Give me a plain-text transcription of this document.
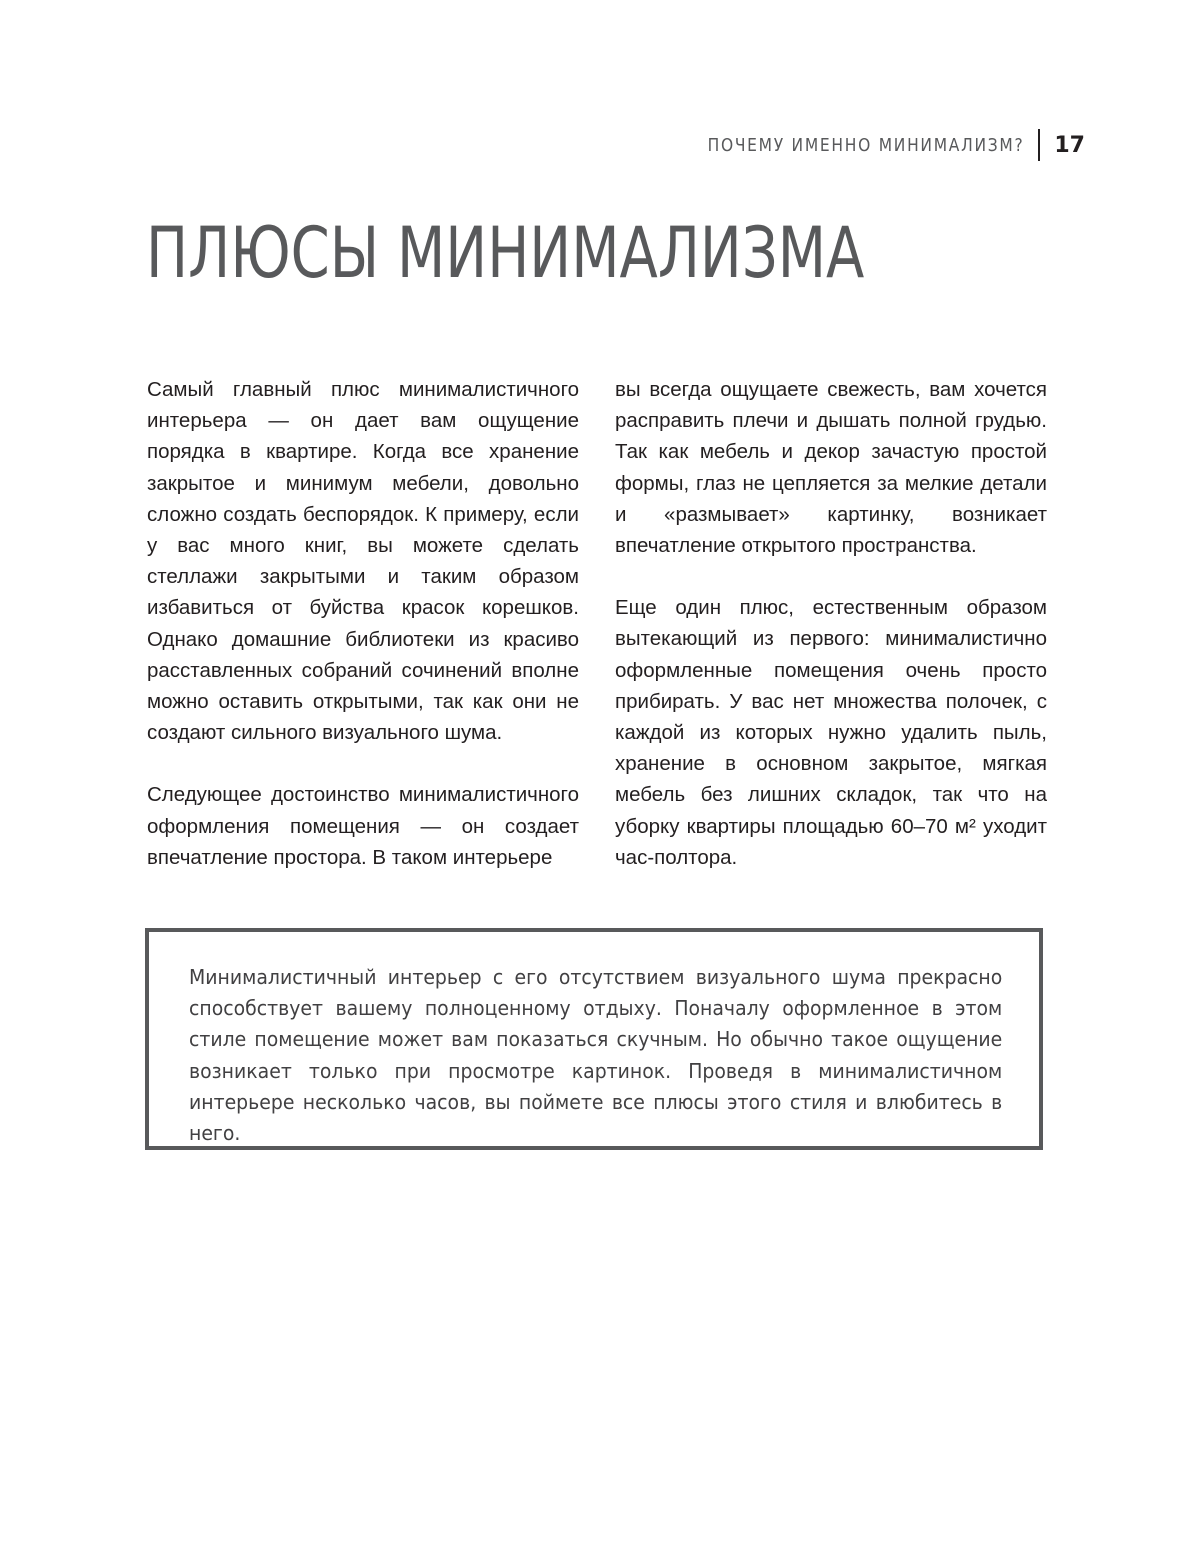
ПОЧЕМУ ИМЕННО МИНИМАЛИЗМ? 17
ПЛЮСЫ МИНИМАЛИЗМА

Самый главный плюс минималистичного интерьера — он дает вам ощущение порядка в квартире. Когда все хранение закрытое и минимум мебели, довольно сложно создать беспорядок. К примеру, если у вас много книг, вы можете сделать стеллажи закрытыми и таким образом избавиться от буйства красок корешков. Однако домашние библиотеки из красиво расставленных собраний сочинений вполне можно оставить открытыми, так как они не создают сильного визуального шума.

Следующее достоинство минималистичного оформления помещения — он создает впечатление простора. В таком интерьере

вы всегда ощущаете свежесть, вам хочется расправить плечи и дышать полной грудью. Так как мебель и декор зачастую простой формы, глаз не цепляется за мелкие детали и «размывает» картинку, возникает впечатление открытого пространства.

Еще один плюс, естественным образом вытекающий из первого: минималистично оформленные помещения очень просто прибирать. У вас нет множества полочек, с каждой из которых нужно удалить пыль, хранение в основном закрытое, мягкая мебель без лишних складок, так что на уборку квартиры площадью 60–70 м² уходит час-полтора.

Минималистичный интерьер с его отсутствием визуального шума прекрасно способствует вашему полноценному отдыху. Поначалу оформленное в этом стиле помещение может вам показаться скучным. Но обычно такое ощущение возникает только при просмотре картинок. Проведя в минималистичном интерьере несколько часов, вы поймете все плюсы этого стиля и влюбитесь в него.
